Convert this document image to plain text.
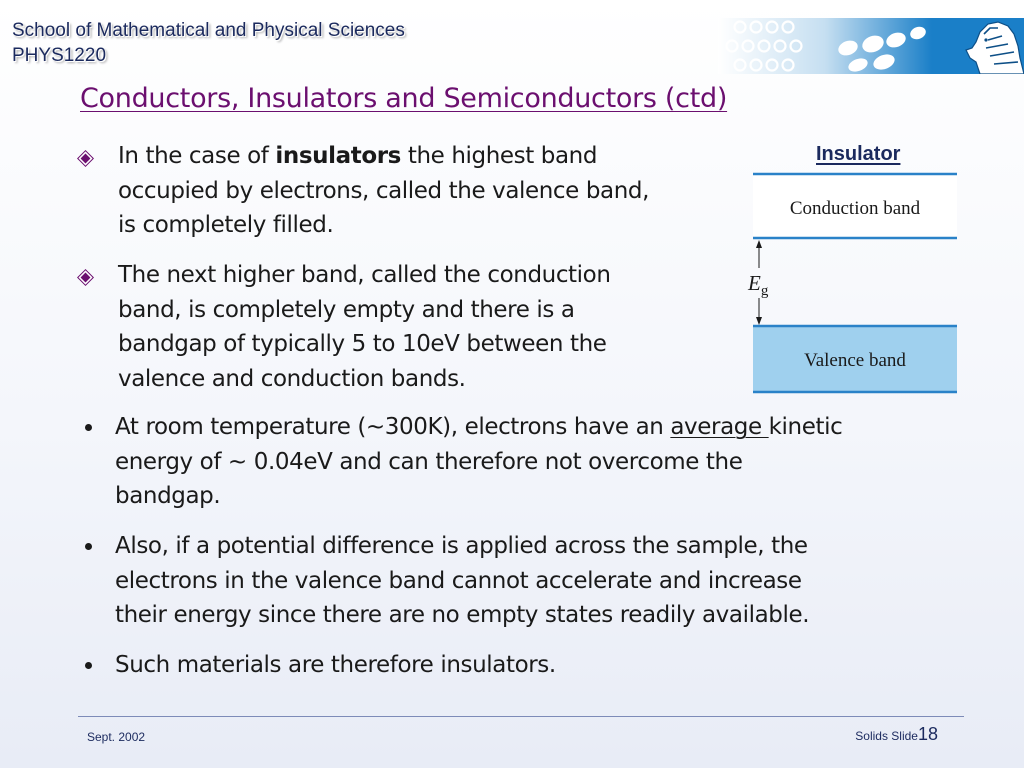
School of Mathematical and Physical Sciences
PHYS1220
Conductors, Insulators and Semiconductors (ctd)
In the case of insulators the highest band
occupied by electrons, called the valence band,
is completely filled.
The next higher band, called the conduction
band, is completely empty and there is a
bandgap of typically 5 to 10eV between the
valence and conduction bands.
At room temperature (~300K), electrons have an average kinetic
energy of ~ 0.04eV and can therefore not overcome the
bandgap.
Also, if a potential difference is applied across the sample, the
electrons in the valence band cannot accelerate and increase
their energy since there are no empty states readily available.
Such materials are therefore insulators.
Insulator
Conduction band
Valence band
$E_g$
Sept. 2002	Solids Slide18
